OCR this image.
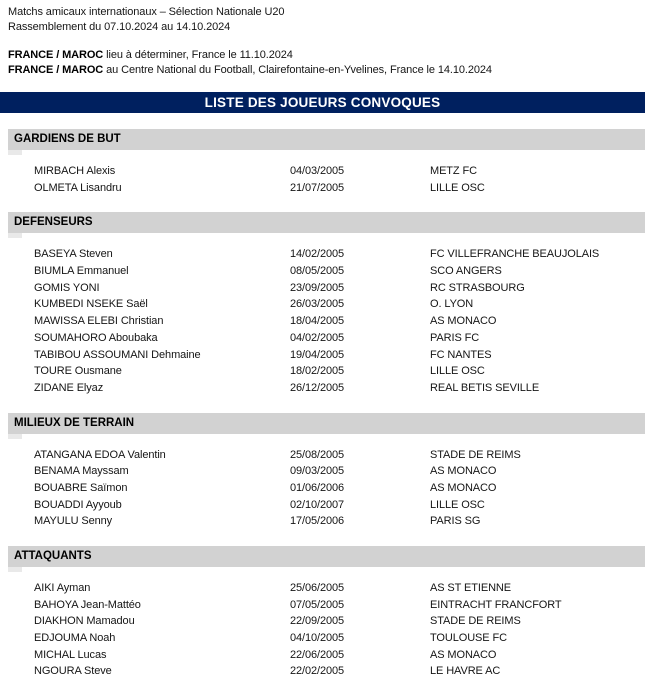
Matchs amicaux internationaux – Sélection Nationale U20
Rassemblement du 07.10.2024 au 14.10.2024
FRANCE / MAROC lieu à déterminer, France le 11.10.2024
FRANCE / MAROC au Centre National du Football, Clairefontaine-en-Yvelines, France le 14.10.2024
LISTE DES JOUEURS CONVOQUES
GARDIENS DE BUT
MIRBACH Alexis	04/03/2005	METZ FC
OLMETA Lisandru	21/07/2005	LILLE OSC
DEFENSEURS
BASEYA Steven	14/02/2005	FC VILLEFRANCHE BEAUJOLAIS
BIUMLA Emmanuel	08/05/2005	SCO ANGERS
GOMIS YONI	23/09/2005	RC STRASBOURG
KUMBEDI NSEKE Saël	26/03/2005	O. LYON
MAWISSA ELEBI Christian	18/04/2005	AS MONACO
SOUMAHORO Aboubaka	04/02/2005	PARIS FC
TABIBOU ASSOUMANI Dehmaine	19/04/2005	FC NANTES
TOURE Ousmane	18/02/2005	LILLE OSC
ZIDANE Elyaz	26/12/2005	REAL BETIS SEVILLE
MILIEUX DE TERRAIN
ATANGANA EDOA Valentin	25/08/2005	STADE DE REIMS
BENAMA Mayssam	09/03/2005	AS MONACO
BOUABRE Saïmon	01/06/2006	AS MONACO
BOUADDI Ayyoub	02/10/2007	LILLE OSC
MAYULU Senny	17/05/2006	PARIS SG
ATTAQUANTS
AIKI Ayman	25/06/2005	AS ST ETIENNE
BAHOYA Jean-Mattéo	07/05/2005	EINTRACHT FRANCFORT
DIAKHON Mamadou	22/09/2005	STADE DE REIMS
EDJOUMA Noah	04/10/2005	TOULOUSE FC
MICHAL Lucas	22/06/2005	AS MONACO
NGOURA Steve	22/02/2005	LE HAVRE AC
